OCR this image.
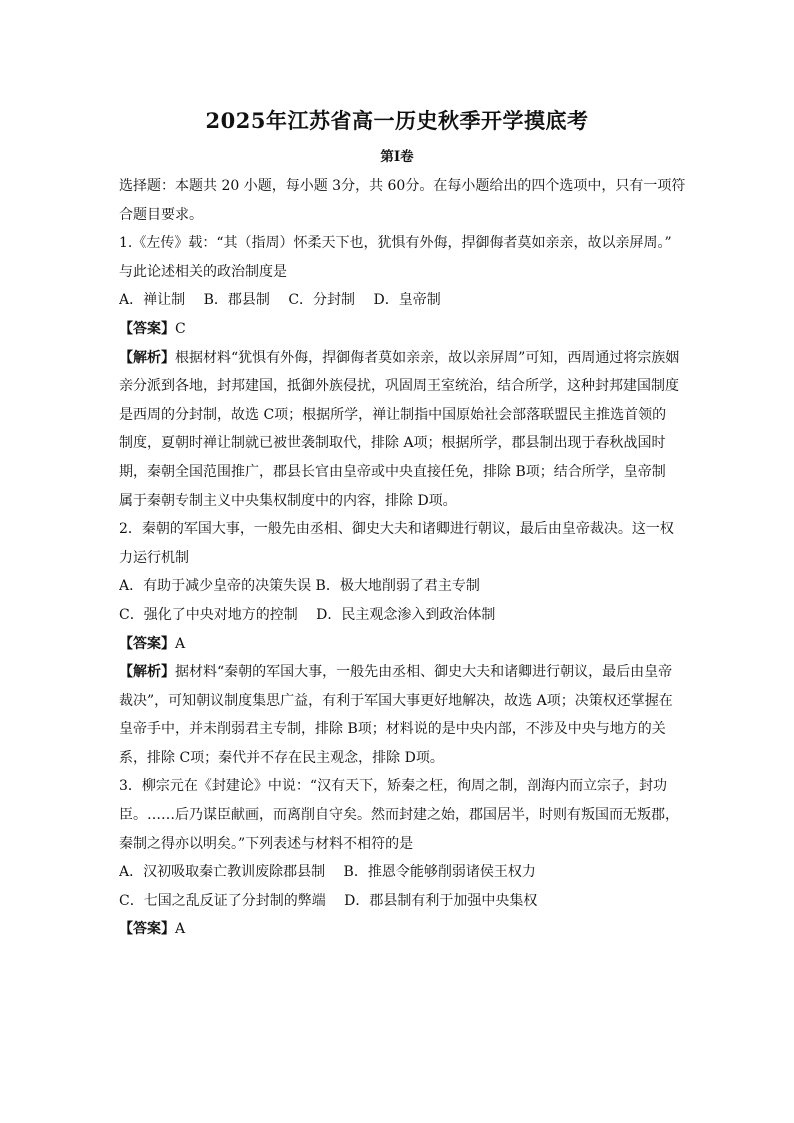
2025年江苏省高一历史秋季开学摸底考
第Ⅰ卷
选择题：本题共 20 小题，每小题 3分，共 60分。在每小题给出的四个选项中，只有一项符
合题目要求。
1.《左传》载：“其（指周）怀柔天下也，犹惧有外侮，捍御侮者莫如亲亲，故以亲屏周。”
与此论述相关的政治制度是
A．禅让制 B．郡县制 C．分封制 D．皇帝制
【答案】C
【解析】根据材料“犹惧有外侮，捍御侮者莫如亲亲，故以亲屏周”可知，西周通过将宗族姻
亲分派到各地，封邦建国，抵御外族侵扰，巩固周王室统治，结合所学，这种封邦建国制度
是西周的分封制，故选 C项；根据所学，禅让制指中国原始社会部落联盟民主推选首领的
制度，夏朝时禅让制就已被世袭制取代，排除 A项；根据所学，郡县制出现于春秋战国时
期，秦朝全国范围推广，郡县长官由皇帝或中央直接任免，排除 B项；结合所学，皇帝制
属于秦朝专制主义中央集权制度中的内容，排除 D项。
2．秦朝的军国大事，一般先由丞相、御史大夫和诸卿进行朝议，最后由皇帝裁决。这一权
力运行机制
A．有助于减少皇帝的决策失误 B．极大地削弱了君主专制
C．强化了中央对地方的控制　 D．民主观念渗入到政治体制
【答案】A
【解析】据材料“秦朝的军国大事，一般先由丞相、御史大夫和诸卿进行朝议，最后由皇帝
裁决”，可知朝议制度集思广益，有利于军国大事更好地解决，故选 A项；决策权还掌握在
皇帝手中，并未削弱君主专制，排除 B项；材料说的是中央内部，不涉及中央与地方的关
系，排除 C项；秦代并不存在民主观念，排除 D项。
3．柳宗元在《封建论》中说：“汉有天下，矫秦之枉，徇周之制，剖海内而立宗子，封功
臣。……后乃谋臣献画，而离削自守矣。然而封建之始，郡国居半，时则有叛国而无叛郡，
秦制之得亦以明矣。”下列表述与材料不相符的是
A．汉初吸取秦亡教训废除郡县制　 B．推恩令能够削弱诸侯王权力
C．七国之乱反证了分封制的弊端　 D．郡县制有利于加强中央集权
【答案】A
